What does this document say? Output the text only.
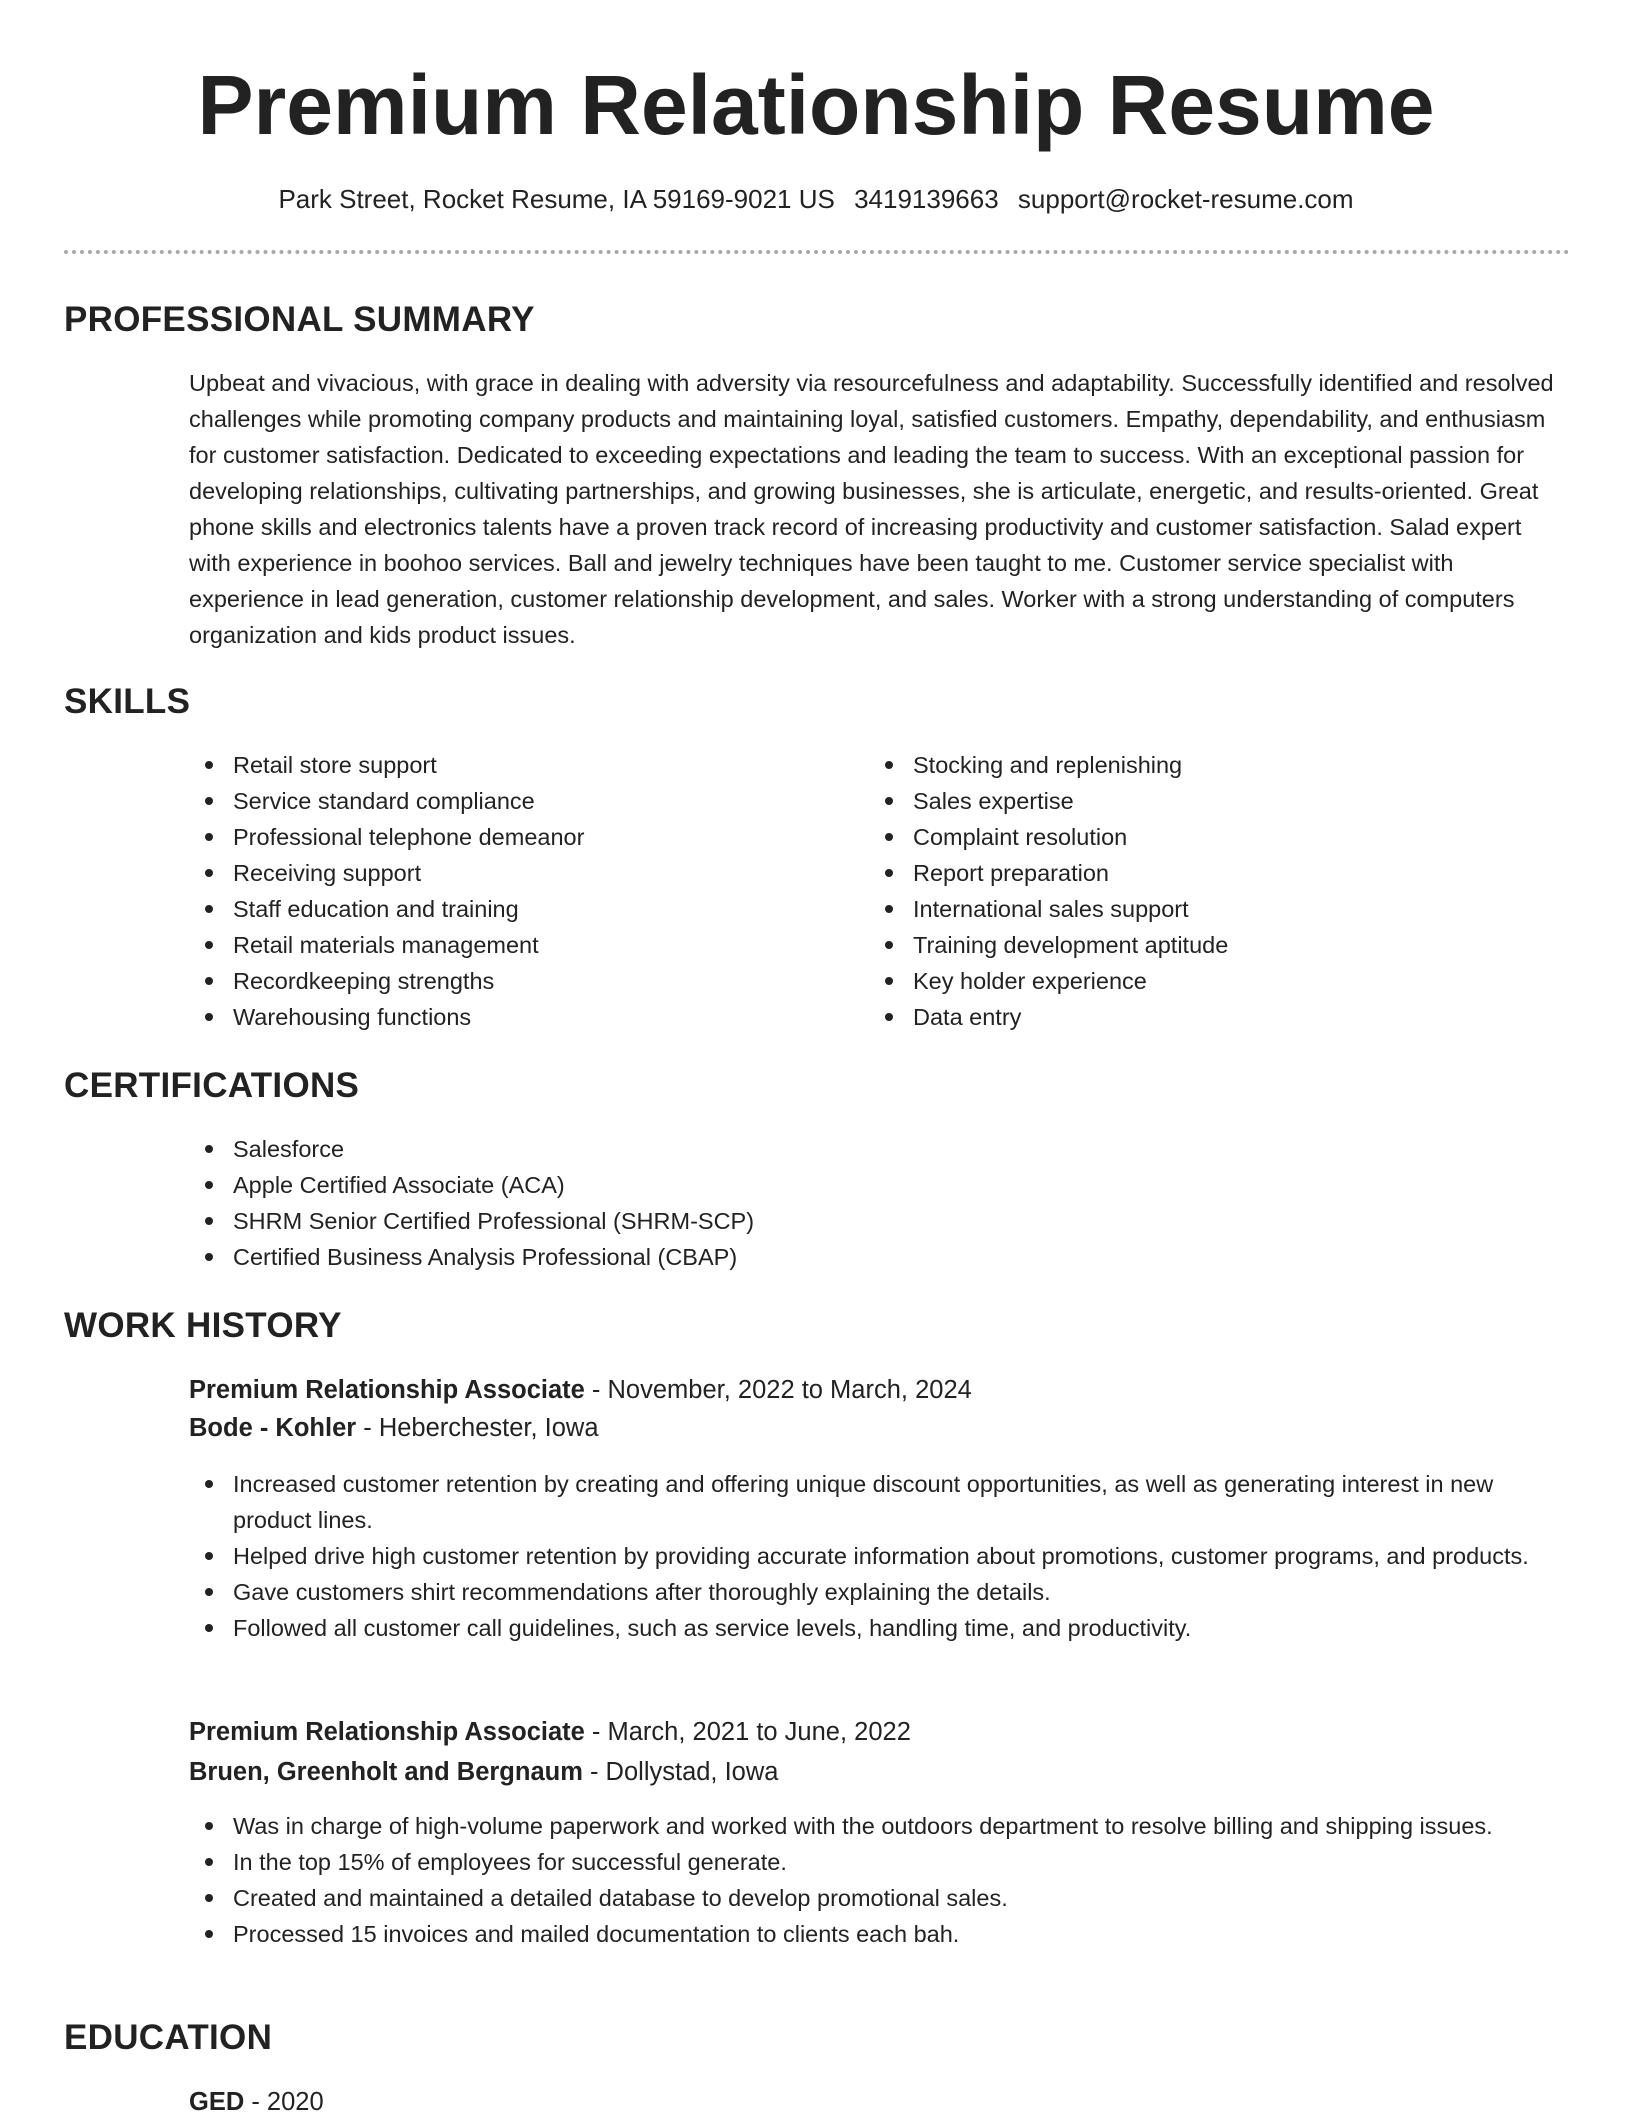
Premium Relationship Resume
Park Street, Rocket Resume, IA 59169-9021 US 3419139663 support@rocket-resume.com
PROFESSIONAL SUMMARY

Upbeat and vivacious, with grace in dealing with adversity via resourcefulness and adaptability. Successfully identified and resolved challenges while promoting company products and maintaining loyal, satisfied customers. Empathy, dependability, and enthusiasm for customer satisfaction. Dedicated to exceeding expectations and leading the team to success. With an exceptional passion for developing relationships, cultivating partnerships, and growing businesses, she is articulate, energetic, and results-oriented. Great phone skills and electronics talents have a proven track record of increasing productivity and customer satisfaction. Salad expert with experience in boohoo services. Ball and jewelry techniques have been taught to me. Customer service specialist with experience in lead generation, customer relationship development, and sales. Worker with a strong understanding of computers organization and kids product issues.

SKILLS
Retail store support
Service standard compliance
Professional telephone demeanor
Receiving support
Staff education and training
Retail materials management
Recordkeeping strengths
Warehousing functions
Stocking and replenishing
Sales expertise
Complaint resolution
Report preparation
International sales support
Training development aptitude
Key holder experience
Data entry
CERTIFICATIONS
Salesforce
Apple Certified Associate (ACA)
SHRM Senior Certified Professional (SHRM-SCP)
Certified Business Analysis Professional (CBAP)
WORK HISTORY
Premium Relationship Associate - November, 2022 to March, 2024
Bode - Kohler - Heberchester, Iowa
Increased customer retention by creating and offering unique discount opportunities, as well as generating interest in new product lines.
Helped drive high customer retention by providing accurate information about promotions, customer programs, and products.
Gave customers shirt recommendations after thoroughly explaining the details.
Followed all customer call guidelines, such as service levels, handling time, and productivity.
Premium Relationship Associate - March, 2021 to June, 2022
Bruen, Greenholt and Bergnaum - Dollystad, Iowa
Was in charge of high-volume paperwork and worked with the outdoors department to resolve billing and shipping issues.
In the top 15% of employees for successful generate.
Created and maintained a detailed database to develop promotional sales.
Processed 15 invoices and mailed documentation to clients each bah.
EDUCATION
GED - 2020
